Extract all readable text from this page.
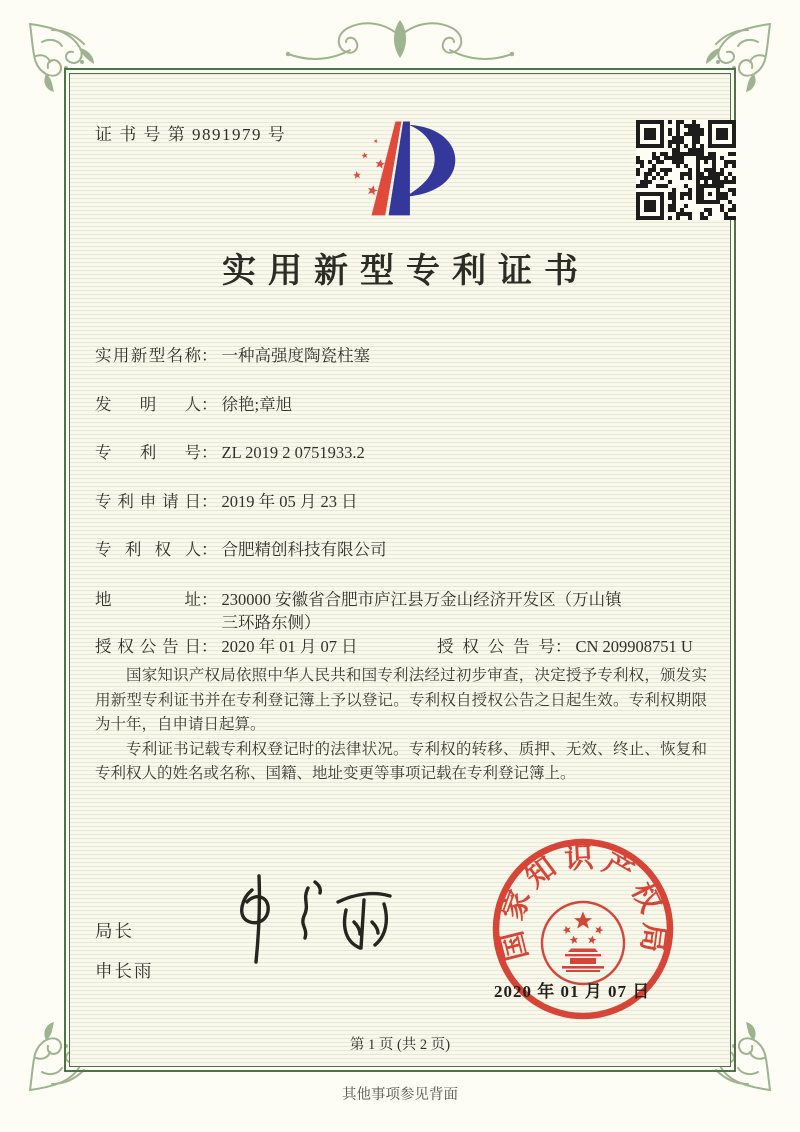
证 书 号 第 9891979 号
实用新型专利证书
实用新型名称： 一种高强度陶瓷柱塞
发明人： 徐艳;章旭
专利号： ZL 2019 2 0751933.2
专利申请日： 2019 年 05 月 23 日
专利权人： 合肥精创科技有限公司
地址： 230000 安徽省合肥市庐江县万金山经济开发区（万山镇三环路东侧）
授权公告日： 2020 年 01 月 07 日	授权公告号： CN 209908751 U

国家知识产权局依照中华人民共和国专利法经过初步审查，决定授予专利权，颁发实用新型专利证书并在专利登记簿上予以登记。专利权自授权公告之日起生效。专利权期限为十年，自申请日起算。

专利证书记载专利权登记时的法律状况。专利权的转移、质押、无效、终止、恢复和专利权人的姓名或名称、国籍、地址变更等事项记载在专利登记簿上。

局长
申长雨
国家知识产权局
2020 年 01 月 07 日
第 1 页 (共 2 页)
其他事项参见背面
